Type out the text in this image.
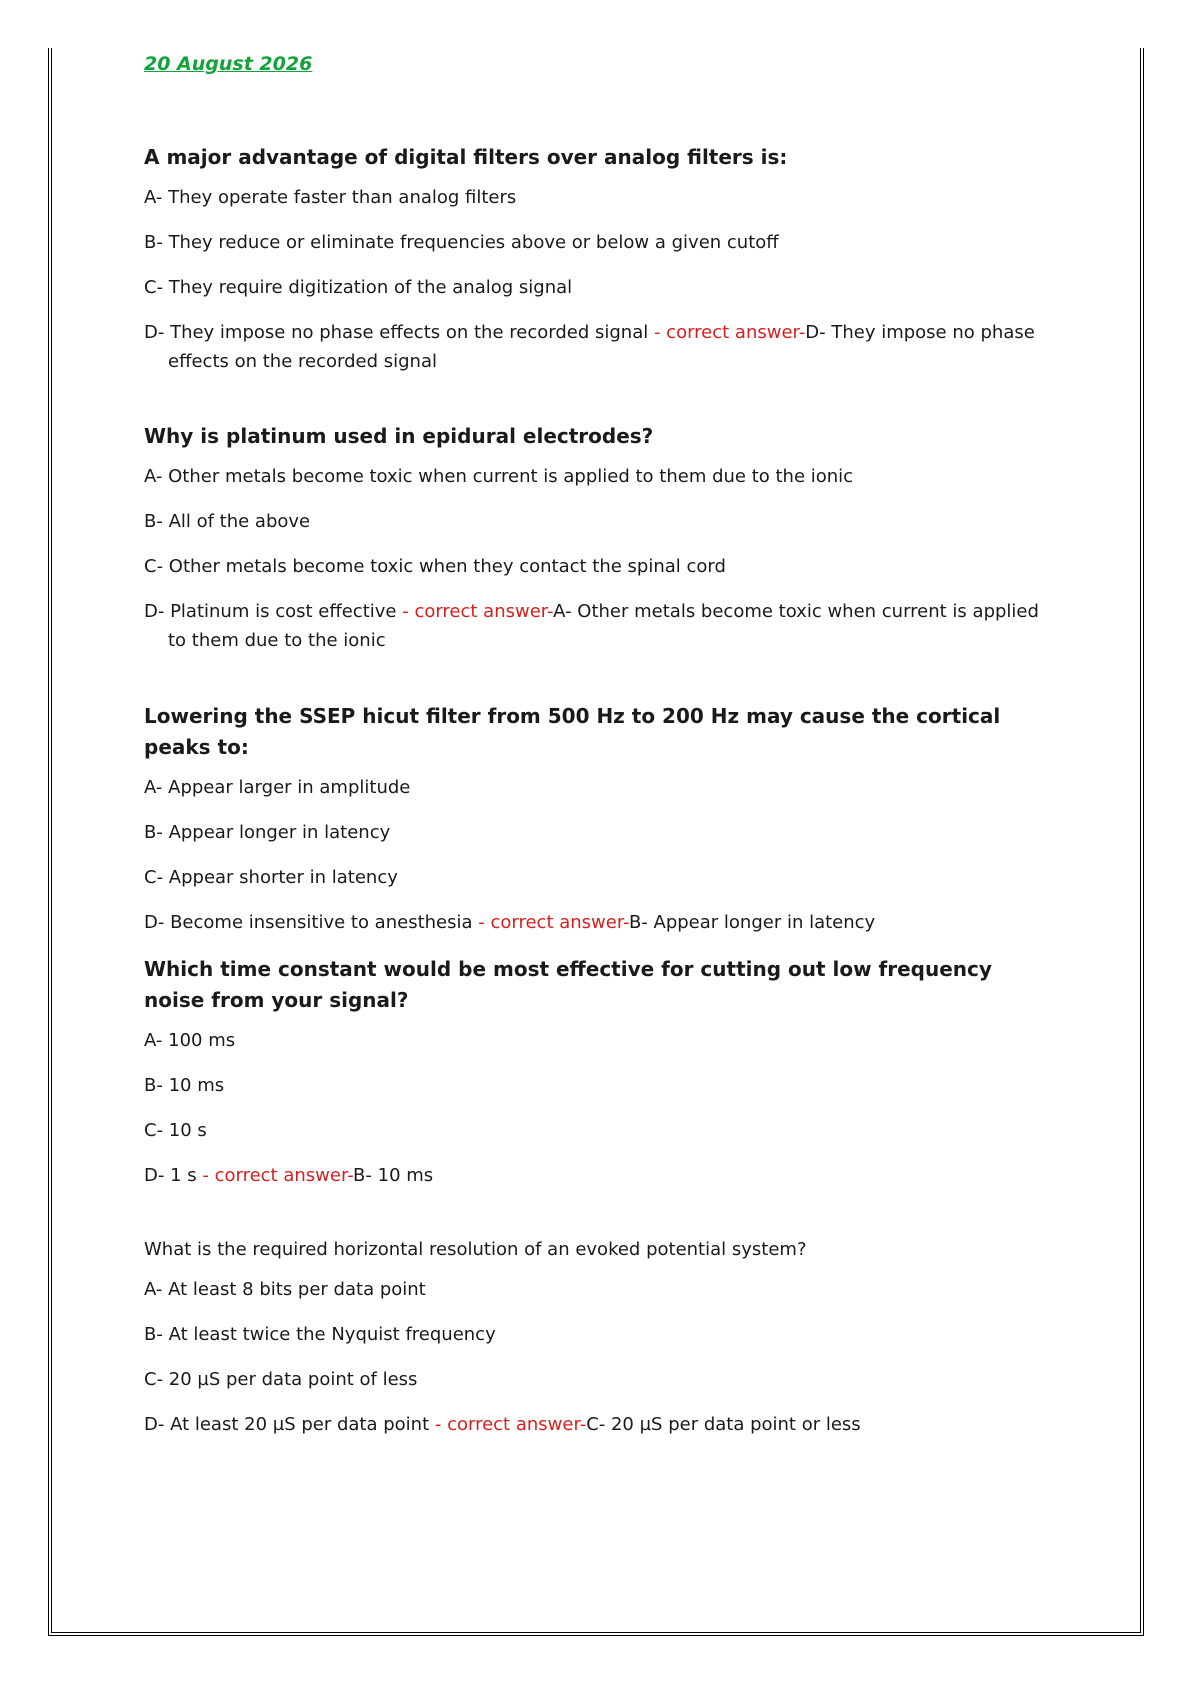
20 August 2026
A major advantage of digital filters over analog filters is:

A- They operate faster than analog filters

B- They reduce or eliminate frequencies above or below a given cutoff

C- They require digitization of the analog signal

D- They impose no phase effects on the recorded signal - correct answer-D- They impose no phase effects on the recorded signal

Why is platinum used in epidural electrodes?

A- Other metals become toxic when current is applied to them due to the ionic

B- All of the above

C- Other metals become toxic when they contact the spinal cord

D- Platinum is cost effective - correct answer-A- Other metals become toxic when current is applied to them due to the ionic

Lowering the SSEP hicut filter from 500 Hz to 200 Hz may cause the cortical peaks to:

A- Appear larger in amplitude

B- Appear longer in latency

C- Appear shorter in latency

D- Become insensitive to anesthesia - correct answer-B- Appear longer in latency

Which time constant would be most effective for cutting out low frequency noise from your signal?

A- 100 ms

B- 10 ms

C- 10 s

D- 1 s - correct answer-B- 10 ms

What is the required horizontal resolution of an evoked potential system?

A- At least 8 bits per data point

B- At least twice the Nyquist frequency

C- 20 µS per data point of less

D- At least 20 µS per data point - correct answer-C- 20 µS per data point or less
